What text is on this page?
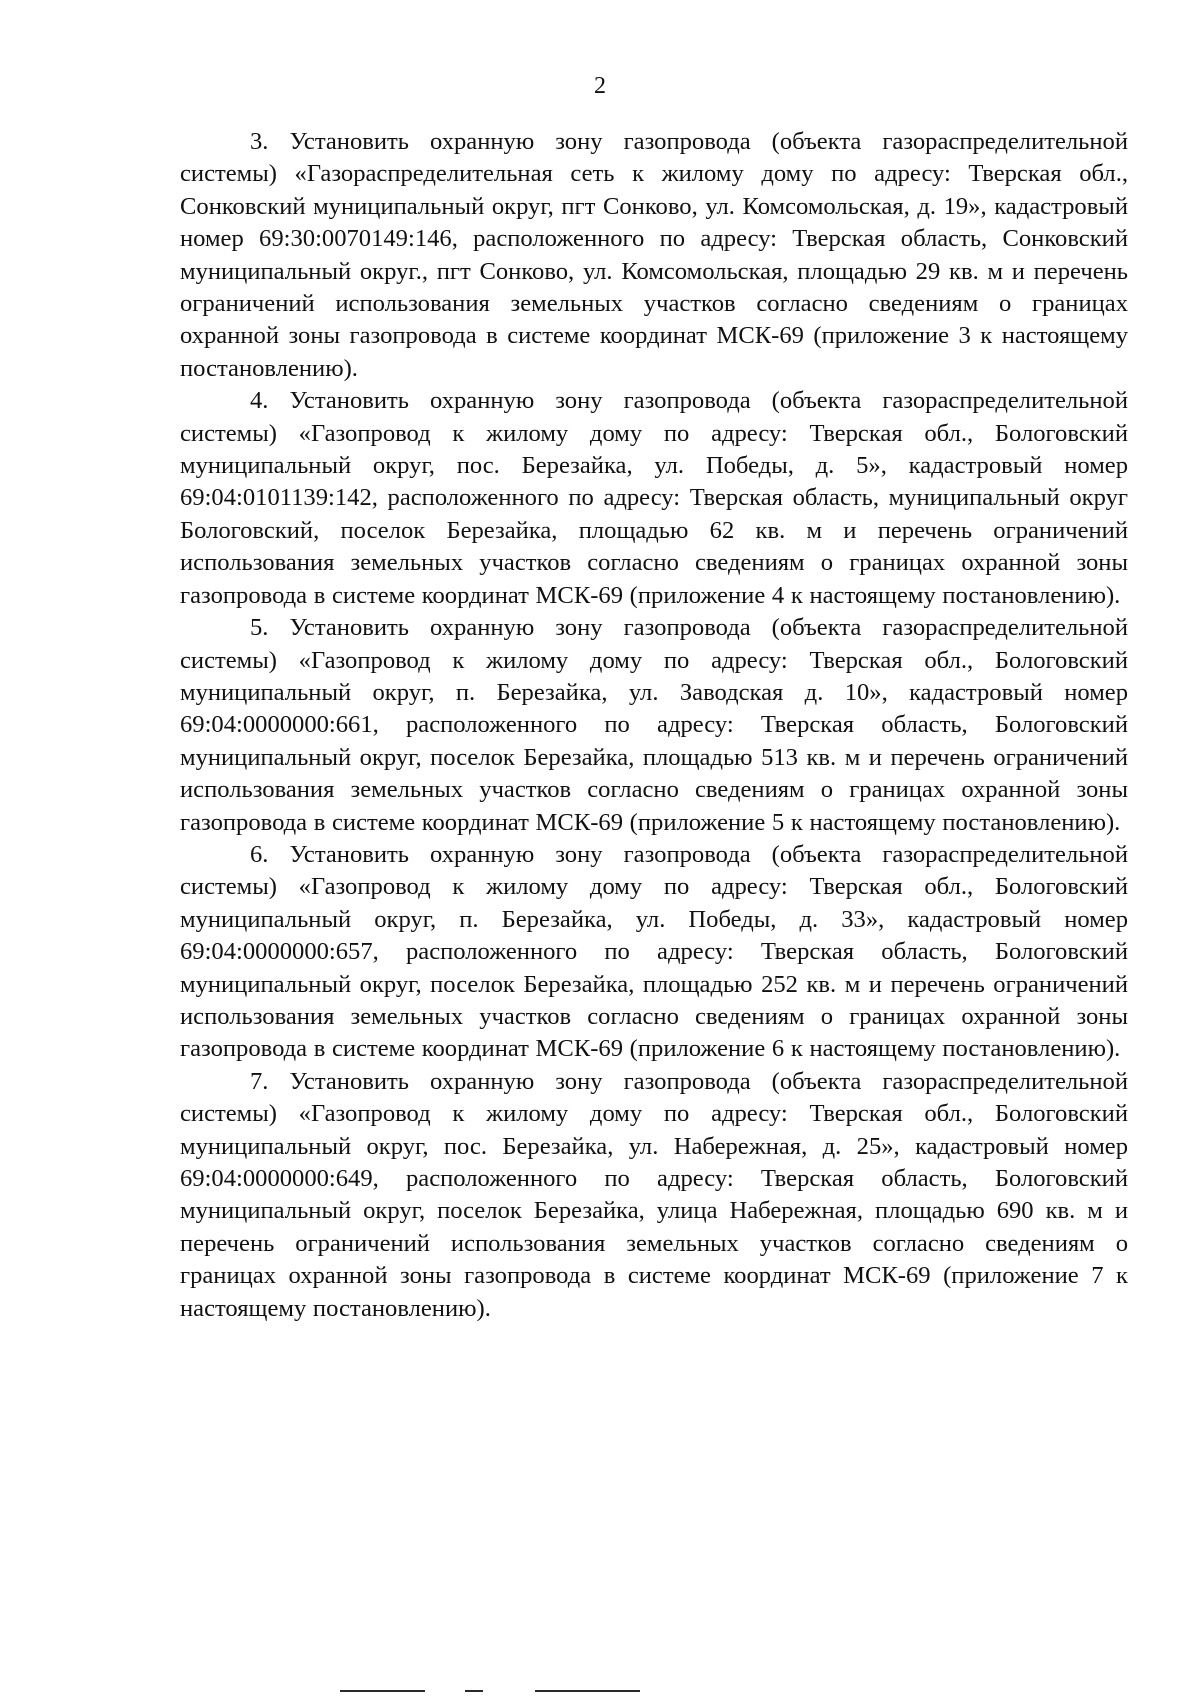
2

3. Установить охранную зону газопровода (объекта газораспределительной системы) «Газораспределительная сеть к жилому дому по адресу: Тверская обл., Сонковский муниципальный округ, пгт Сонково, ул. Комсомольская, д. 19», кадастровый номер 69:30:0070149:146, расположенного по адресу: Тверская область, Сонковский муниципальный округ., пгт Сонково, ул. Комсомольская, площадью 29 кв. м и перечень ограничений использования земельных участков согласно сведениям о границах охранной зоны газопровода в системе координат МСК-69 (приложение 3 к настоящему постановлению).

4. Установить охранную зону газопровода (объекта газораспределительной системы) «Газопровод к жилому дому по адресу: Тверская обл., Бологовский муниципальный округ, пос. Березайка, ул. Победы, д. 5», кадастровый номер 69:04:0101139:142, расположенного по адресу: Тверская область, муниципальный округ Бологовский, поселок Березайка, площадью 62 кв. м и перечень ограничений использования земельных участков согласно сведениям о границах охранной зоны газопровода в системе координат МСК-69 (приложение 4 к настоящему постановлению).

5. Установить охранную зону газопровода (объекта газораспределительной системы) «Газопровод к жилому дому по адресу: Тверская обл., Бологовский муниципальный округ, п. Березайка, ул. Заводская д. 10», кадастровый номер 69:04:0000000:661, расположенного по адресу: Тверская область, Бологовский муниципальный округ, поселок Березайка, площадью 513 кв. м и перечень ограничений использования земельных участков согласно сведениям о границах охранной зоны газопровода в системе координат МСК-69 (приложение 5 к настоящему постановлению).

6. Установить охранную зону газопровода (объекта газораспределительной системы) «Газопровод к жилому дому по адресу: Тверская обл., Бологовский муниципальный округ, п. Березайка, ул. Победы, д. 33», кадастровый номер 69:04:0000000:657, расположенного по адресу: Тверская область, Бологовский муниципальный округ, поселок Березайка, площадью 252 кв. м и перечень ограничений использования земельных участков согласно сведениям о границах охранной зоны газопровода в системе координат МСК-69 (приложение 6 к настоящему постановлению).

7. Установить охранную зону газопровода (объекта газораспределительной системы) «Газопровод к жилому дому по адресу: Тверская обл., Бологовский муниципальный округ, пос. Березайка, ул. Набережная, д. 25», кадастровый номер 69:04:0000000:649, расположенного по адресу: Тверская область, Бологовский муниципальный округ, поселок Березайка, улица Набережная, площадью 690 кв. м и перечень ограничений использования земельных участков согласно сведениям о границах охранной зоны газопровода в системе координат МСК-69 (приложение 7 к настоящему постановлению).
